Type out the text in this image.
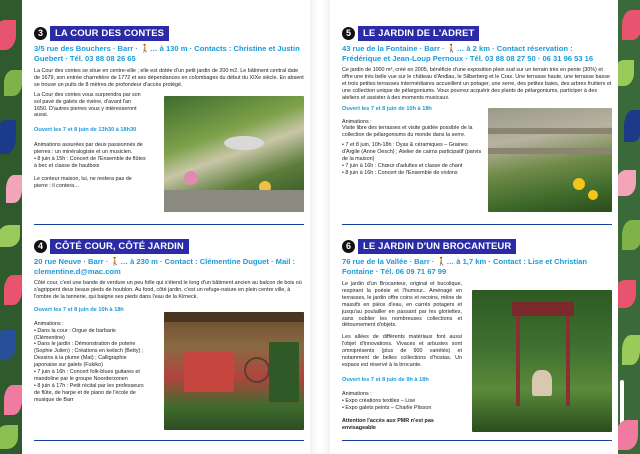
3	LA COUR DES CONTES
3/5 rue des Bouchers · Barr · 🚶… à 130 m · Contacts : Christine et Justin
Guebert · Tél. 03 88 08 26 65

La Cour des contes se situe en centre-ville ; elle est dotée d'un petit jardin de 200 m2. Le bâtiment central date de 1679, son entrée charretière de 1772 et ses dépendances en colombages du début du XIXe siècle. En absent se trouve un puits de 8 mètres de profondeur d'accès protégé.

La Cour des contes vous surprendra par son sol pavé de galets de rivière, d'avant l'an 1650. D'autres pierres vous y intéresseront aussi.

Ouvert les 7 et 8 juin de 13h30 à 18h30

Animations assurées par deux passionnés de pierres : un minéralogiste et un musicien.

• 8 juin à 15h : Concert de l'Ensemble de flûtes à bec et classe de hautbois

Le conteur maison, lui, ne restera pas de pierre : il contera…

4	CÔTÉ COUR, CÔTÉ JARDIN
20 rue Neuve · Barr · 🚶… à 230 m · Contact : Clémentine Duguet · Mail :
clementine.d@mac.com

Côté cour, c'est une bande de verdure un peu folle qui s'étend le long d'un bâtiment ancien au balcon de bois où s'agrippent deux beaux pieds de houblon. Au fond, côté jardin, c'est un refuge-nature en plein centre ville, à l'ombre de la tannerie, qui baigne ses pieds dans l'eau de la Kirneck.

Ouvert les 7 et 8 juin de 10h à 18h

Animations :

• Dans la cour : Orgue de barbarie (Clémentine)

• Dans le jardin : Démonstration de poterie (Sophie Julien) ; Créations en keilsch (Betty) ; Dessins à la plume (Mat) ; Calligraphie japonaise sur galets (Fukiko)

• 7 juin à 16h : Concert folk-blues guitares et mandoline par le groupe Noorderzonen

• 8 juin à 17h : Petit récital par les professeurs de flûte, de harpe et de piano de l'école de musique de Barr

5	LE JARDIN DE L'ADRET
43 rue de la Fontaine · Barr · 🚶… à 2 km · Contact réservation :
Frédérique et Jean-Loup Pernoux · Tél. 03 88 08 27 50 · 06 31 96 53 16

Ce jardin de 1000 m², créé en 2005, bénéficie d'une exposition plein sud sur un terrain très en pente (30%) et offre une très belle vue sur le château d'Andlau, le Silberberg et le Crax. Une terrasse haute, une terrasse basse et trois petites terrasses intermédiaires accueillent un potager, une serre, des petites baies, des arbres fruitiers et une collection unique de pélargoniums. Vous pourrez acquérir des plants de pélargoniums, participer à des ateliers et assister à des moments musicaux.

Ouvert les 7 et 8 juin de 10h à 18h

Animations :

Visite libre des terrasses et visite guidée possible de la collection de pélargoniums du monde dans la serre.

• 7 et 8 juin, 10h-18h : Dyas & céramiques – Graines d'Argile (Anne Oesch) ; Atelier de cairns participatif (parvis de la maison)

• 7 juin à 16h : Chœur d'adultes et classe de chant

• 8 juin à 16h : Concert de l'Ensemble de violons

6	LE JARDIN D'UN BROCANTEUR
76 rue de la Vallée · Barr · 🚶… à 1,7 km · Contact : Lise et Christian
Fontaine · Tél. 06 09 71 67 99

Le jardin d'un Brocanteur, original et bucolique, respirant la poésie et l'humour.. Aménagé en terrasses, le jardin offre coins et recoins, mêne de massifs en pièce d'eau, en carrés potagers et jusqu'au poulailler en passant par les gloriettes, sans oublier les nombreuses collections et détournement d'objets.

Les allées de différents matériaux font aussi l'objet d'innovations. Vivaces et arbustes sont omniprésents (plus de 900 variétés) et notamment de belles collections d'hostas. Un espace est réservé à la brocante.

Ouvert les 7 et 8 juin de 9h à 18h

Animations :

• Expo créations textiles – Lise

• Expo galets peints – Charlie Plisson

Attention l'accès aux PMR n'est pas envisageable
